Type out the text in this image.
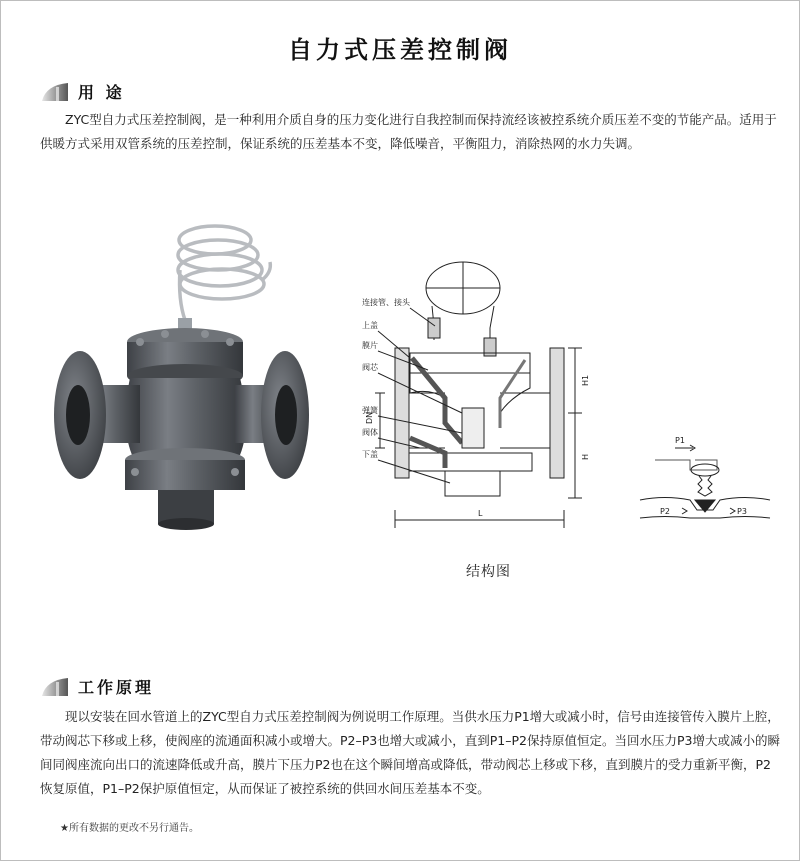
自力式压差控制阀
用 途

ZYC型自力式压差控制阀，是一种利用介质自身的压力变化进行自我控制而保持流经该被控系统介质压差不变的节能产品。适用于供暖方式采用双管系统的压差控制，保证系统的压差基本不变，降低噪音，平衡阻力，消除热网的水力失调。

连接管、接头
上盖
膜片
阀芯
弹簧
阀体
下盖
DN
H1
H
L
结构图
P1
P2	P3
工作原理

现以安装在回水管道上的ZYC型自力式压差控制阀为例说明工作原理。当供水压力P1增大或减小时，信号由连接管传入膜片上腔，带动阀芯下移或上移，使阀座的流通面积减小或增大。P2–P3也增大或减小，直到P1–P2保持原值恒定。当回水压力P3增大或减小的瞬间同阀座流向出口的流速降低或升高，膜片下压力P2也在这个瞬间增高或降低，带动阀芯上移或下移，直到膜片的受力重新平衡，P2恢复原值，P1–P2保护原值恒定，从而保证了被控系统的供回水间压差基本不变。

★所有数据的更改不另行通告。
